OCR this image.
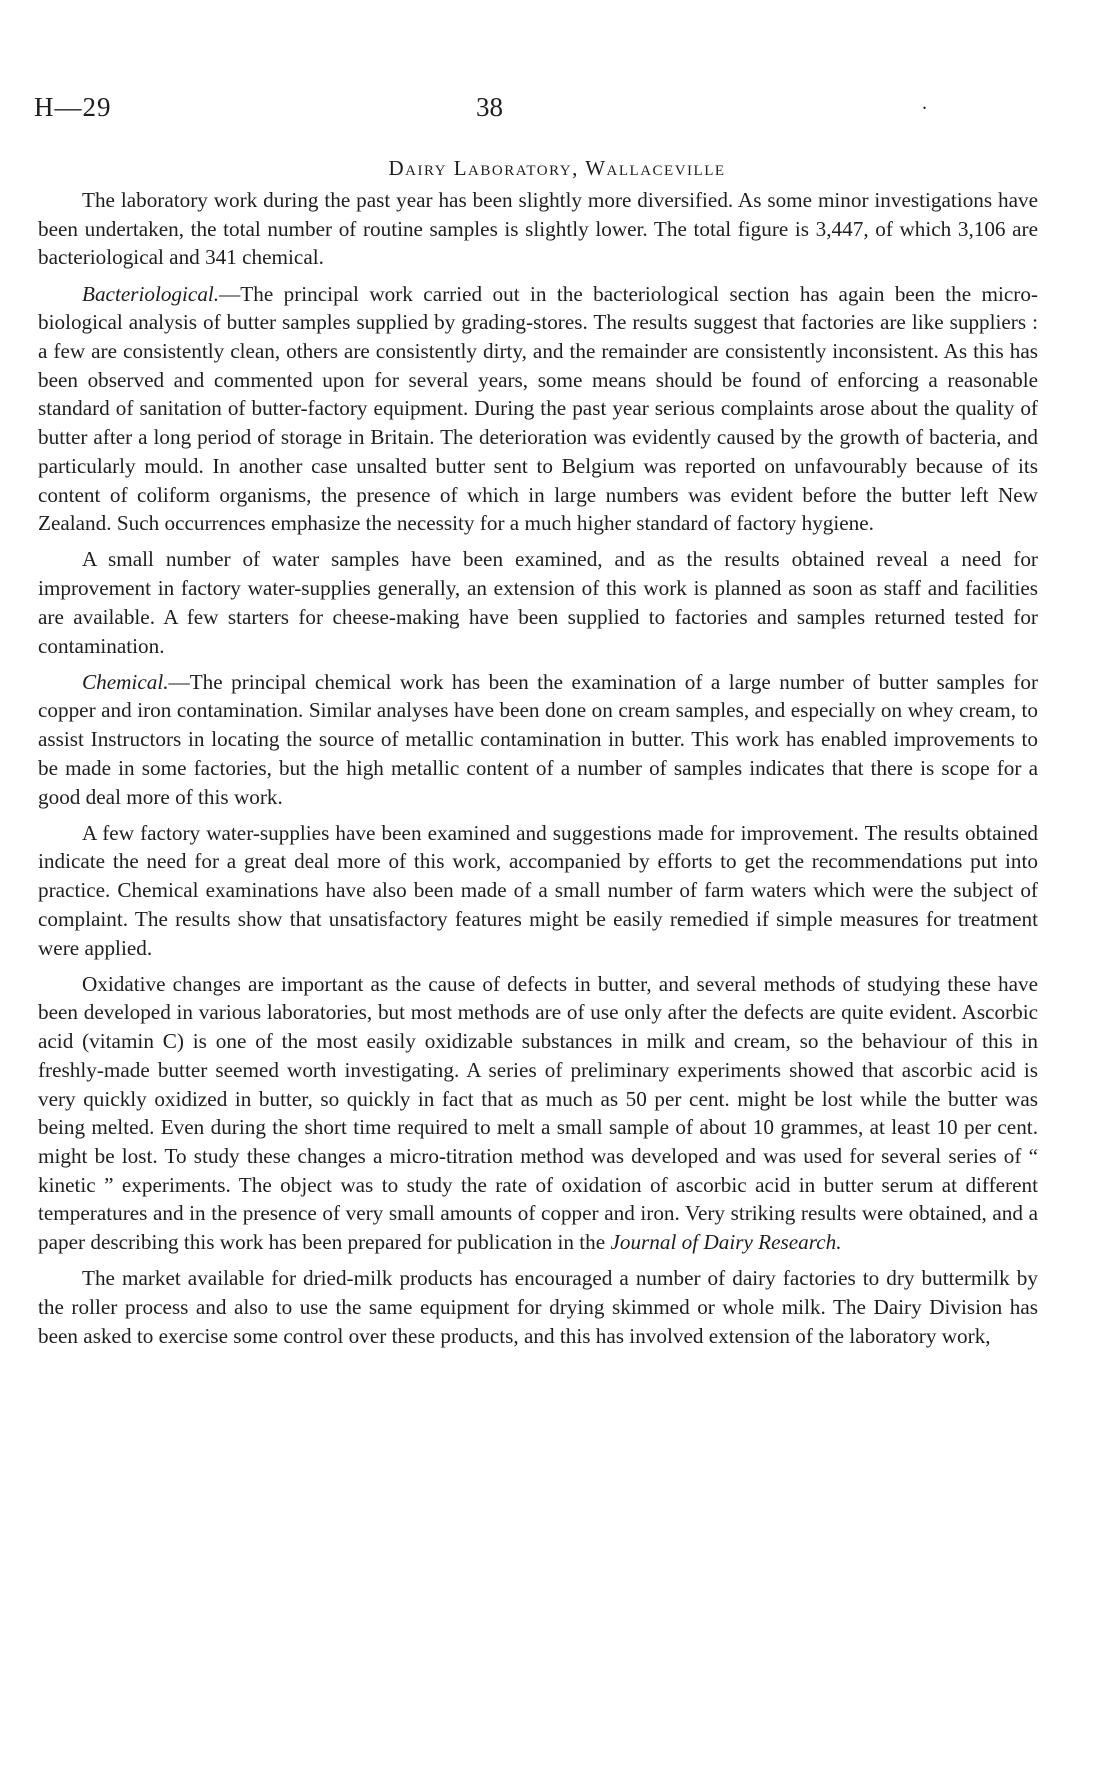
H—29	38	.
Dairy Laboratory, Wallaceville

The laboratory work during the past year has been slightly more diversified. As some minor investigations have been undertaken, the total number of routine samples is slightly lower. The total figure is 3,447, of which 3,106 are bacteriological and 341 chemical.

Bacteriological.—The principal work carried out in the bacteriological section has again been the micro-biological analysis of butter samples supplied by grading-stores. The results suggest that factories are like suppliers : a few are consistently clean, others are consistently dirty, and the remainder are consistently inconsistent. As this has been observed and commented upon for several years, some means should be found of enforcing a reasonable standard of sanitation of butter-factory equipment. During the past year serious complaints arose about the quality of butter after a long period of storage in Britain. The deterioration was evidently caused by the growth of bacteria, and particularly mould. In another case unsalted butter sent to Belgium was reported on unfavourably because of its content of coliform organisms, the presence of which in large numbers was evident before the butter left New Zealand. Such occurrences emphasize the necessity for a much higher standard of factory hygiene.

A small number of water samples have been examined, and as the results obtained reveal a need for improvement in factory water-supplies generally, an extension of this work is planned as soon as staff and facilities are available. A few starters for cheese-making have been supplied to factories and samples returned tested for contamination.

Chemical.—The principal chemical work has been the examination of a large number of butter samples for copper and iron contamination. Similar analyses have been done on cream samples, and especially on whey cream, to assist Instructors in locating the source of metallic contamination in butter. This work has enabled improvements to be made in some factories, but the high metallic content of a number of samples indicates that there is scope for a good deal more of this work.

A few factory water-supplies have been examined and suggestions made for improvement. The results obtained indicate the need for a great deal more of this work, accompanied by efforts to get the recommendations put into practice. Chemical examinations have also been made of a small number of farm waters which were the subject of complaint. The results show that unsatisfactory features might be easily remedied if simple measures for treatment were applied.

Oxidative changes are important as the cause of defects in butter, and several methods of studying these have been developed in various laboratories, but most methods are of use only after the defects are quite evident. Ascorbic acid (vitamin C) is one of the most easily oxidizable substances in milk and cream, so the behaviour of this in freshly-made butter seemed worth investigating. A series of preliminary experiments showed that ascorbic acid is very quickly oxidized in butter, so quickly in fact that as much as 50 per cent. might be lost while the butter was being melted. Even during the short time required to melt a small sample of about 10 grammes, at least 10 per cent. might be lost. To study these changes a micro-titration method was developed and was used for several series of “ kinetic ” experiments. The object was to study the rate of oxidation of ascorbic acid in butter serum at different temperatures and in the presence of very small amounts of copper and iron. Very striking results were obtained, and a paper describing this work has been prepared for publication in the Journal of Dairy Research.

The market available for dried-milk products has encouraged a number of dairy factories to dry buttermilk by the roller process and also to use the same equipment for drying skimmed or whole milk. The Dairy Division has been asked to exercise some control over these products, and this has involved extension of the laboratory work,
